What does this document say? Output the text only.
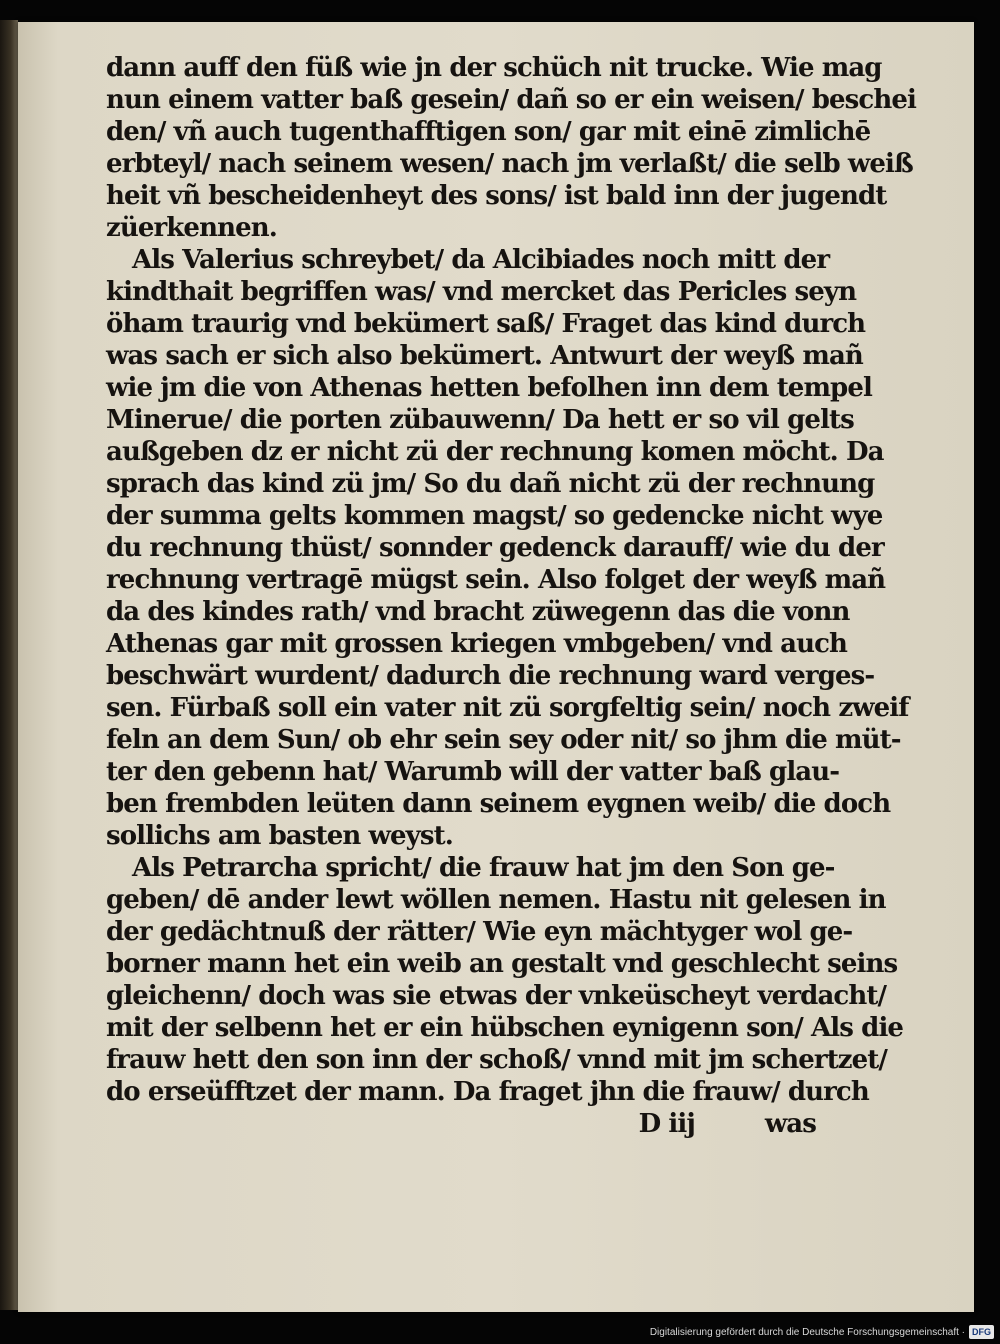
dann auff den füß wie jn der schüch nit trucke. Wie mag
nun einem vatter baß gesein/ dañ so er ein weisen/ beschei
den/ vñ auch tugenthafftigen son/ gar mit einē zimlichē
erbteyl/ nach seinem wesen/ nach jm verlaßt/ die selb weiß
heit vñ bescheidenheyt des sons/ ist bald inn der jugendt
züerkennen.
Als Valerius schreybet/ da Alcibiades noch mitt der
kindthait begriffen was/ vnd mercket das Pericles seyn
öham traurig vnd bekümert saß/ Fraget das kind durch
was sach er sich also bekümert. Antwurt der weyß mañ
wie jm die von Athenas hetten befolhen inn dem tempel
Minerue/ die porten zübauwenn/ Da hett er so vil gelts
außgeben dz er nicht zü der rechnung komen möcht. Da
sprach das kind zü jm/ So du dañ nicht zü der rechnung
der summa gelts kommen magst/ so gedencke nicht wye
du rechnung thüst/ sonnder gedenck darauff/ wie du der
rechnung vertragē mügst sein. Also folget der weyß mañ
da des kindes rath/ vnd bracht züwegenn das die vonn
Athenas gar mit grossen kriegen vmbgeben/ vnd auch
beschwärt wurdent/ dadurch die rechnung ward verges-
sen. Fürbaß soll ein vater nit zü sorgfeltig sein/ noch zweif
feln an dem Sun/ ob ehr sein sey oder nit/ so jhm die müt-
ter den gebenn hat/ Warumb will der vatter baß glau-
ben frembden leüten dann seinem eygnen weib/ die doch
sollichs am basten weyst.
Als Petrarcha spricht/ die frauw hat jm den Son ge-
geben/ dē ander lewt wöllen nemen. Hastu nit gelesen in
der gedächtnuß der rätter/ Wie eyn mächtyger wol ge-
borner mann het ein weib an gestalt vnd geschlecht seins
gleichenn/ doch was sie etwas der vnkeüscheyt verdacht/
mit der selbenn het er ein hübschen eynigenn son/ Als die
frauw hett den son inn der schoß/ vnnd mit jm schertzet/
do erseüfftzet der mann. Da fraget jhn die frauw/ durch
D iij	was
Digitalisierung gefördert durch die Deutsche Forschungsgemeinschaft · DFG
